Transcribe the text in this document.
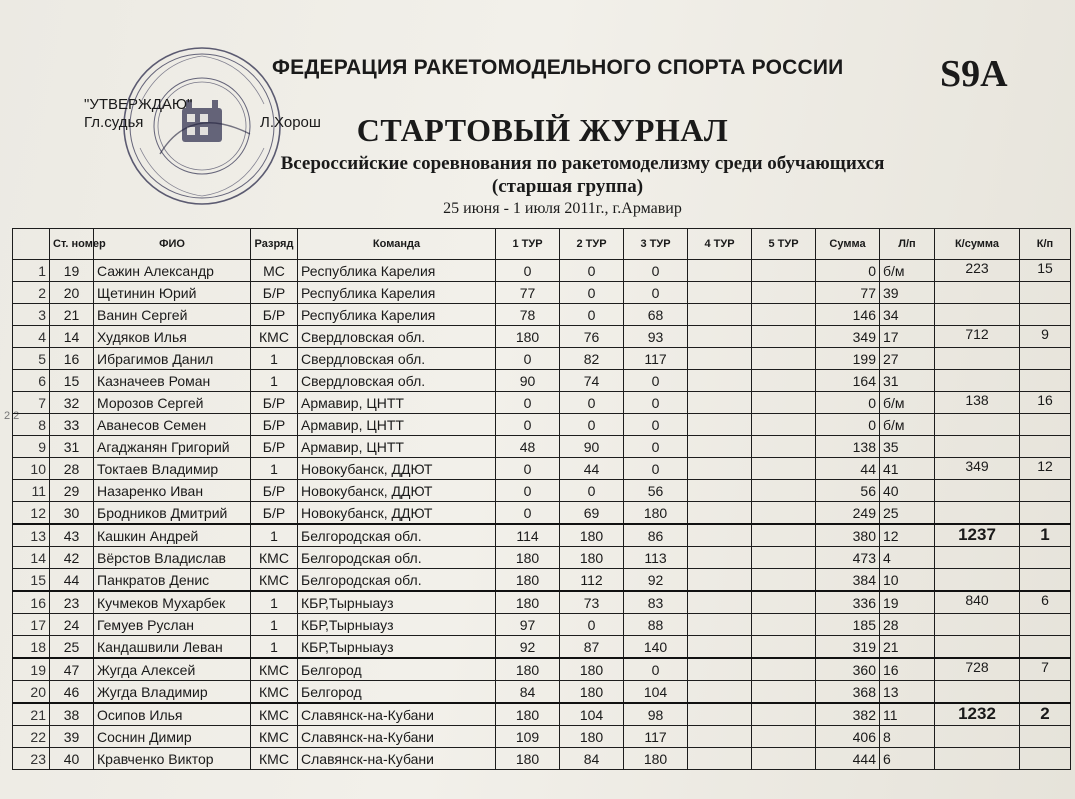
ФЕДЕРАЦИЯ РАКЕТОМОДЕЛЬНОГО СПОРТА РОССИИ	S9A
"УТВЕРЖДАЮ"
Гл.судья	Л.Хорош	СТАРТОВЫЙ ЖУРНАЛ
Всероссийские соревнования по ракетомоделизму среди обучающихся
(старшая группа)
25 июня - 1 июля 2011г., г.Армавир
2 2
	Ст. номер	ФИО	Разряд	Команда	1 ТУР	2 ТУР	3 ТУР	4 ТУР	5 ТУР	Сумма	Л/п	К/сумма	К/п
1	19	Сажин Александр	МС	Республика Карелия	0	0	0			0	б/м	223	15
2	20	Щетинин Юрий	Б/Р	Республика Карелия	77	0	0			77	39		
3	21	Ванин Сергей	Б/Р	Республика Карелия	78	0	68			146	34		
4	14	Худяков Илья	КМС	Свердловская обл.	180	76	93			349	17	712	9
5	16	Ибрагимов Данил	1	Свердловская обл.	0	82	117			199	27		
6	15	Казначеев Роман	1	Свердловская обл.	90	74	0			164	31		
7	32	Морозов Сергей	Б/Р	Армавир, ЦНТТ	0	0	0			0	б/м	138	16
8	33	Аванесов Семен	Б/Р	Армавир, ЦНТТ	0	0	0			0	б/м		
9	31	Агаджанян Григорий	Б/Р	Армавир, ЦНТТ	48	90	0			138	35		
10	28	Токтаев Владимир	1	Новокубанск, ДДЮТ	0	44	0			44	41	349	12
11	29	Назаренко Иван	Б/Р	Новокубанск, ДДЮТ	0	0	56			56	40		
12	30	Бродников Дмитрий	Б/Р	Новокубанск, ДДЮТ	0	69	180			249	25		
13	43	Кашкин Андрей	1	Белгородская обл.	114	180	86			380	12	1237	1
14	42	Вёрстов Владислав	КМС	Белгородская обл.	180	180	113			473	4		
15	44	Панкратов Денис	КМС	Белгородская обл.	180	112	92			384	10		
16	23	Кучмеков Мухарбек	1	КБР,Тырныауз	180	73	83			336	19	840	6
17	24	Гемуев Руслан	1	КБР,Тырныауз	97	0	88			185	28		
18	25	Кандашвили Леван	1	КБР,Тырныауз	92	87	140			319	21		
19	47	Жугда Алексей	КМС	Белгород	180	180	0			360	16	728	7
20	46	Жугда Владимир	КМС	Белгород	84	180	104			368	13		
21	38	Осипов Илья	КМС	Славянск-на-Кубани	180	104	98			382	11	1232	2
22	39	Соснин Димир	КМС	Славянск-на-Кубани	109	180	117			406	8		
23	40	Кравченко Виктор	КМС	Славянск-на-Кубани	180	84	180			444	6		
